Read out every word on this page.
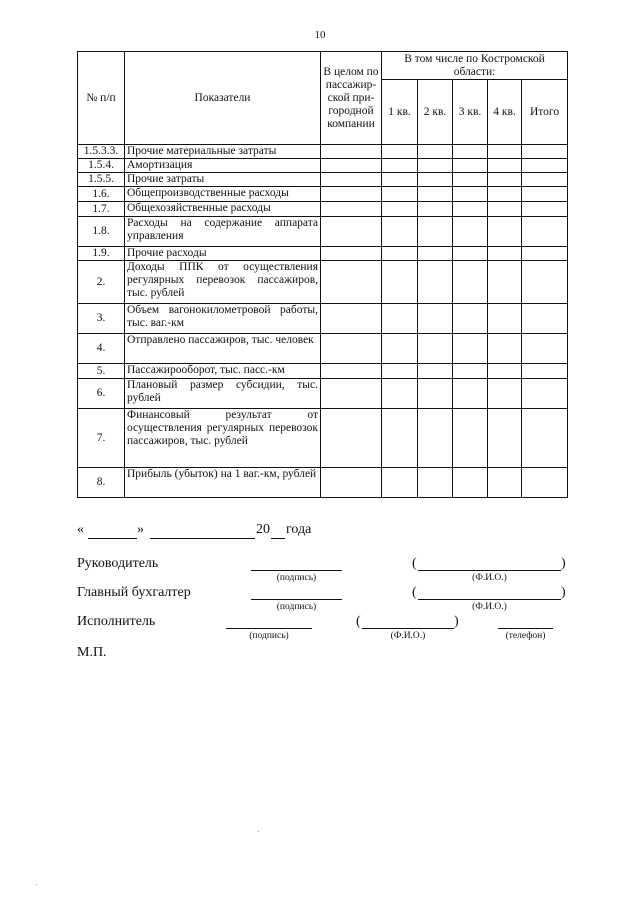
10
№ п/п	Показатели	В целом по пассажир-ской при-городной компании	В том числе по Костромской области:				
			1 кв.	2 кв.	3 кв.	4 кв.	Итого
1.5.3.3.	Прочие материальные затраты						
1.5.4.	Амортизация						
1.5.5.	Прочие затраты						
1.6.	Общепроизводственные расходы						
1.7.	Общехозяйственные расходы						
1.8.	Расходы на содержание аппарата управления						
1.9.	Прочие расходы						
2.	Доходы ППК от осуществления регулярных перевозок пассажиров, тыс. рублей						
3.	Объем вагонокилометровой работы, тыс. ваг.-км						
4.	Отправлено пассажиров, тыс. человек						
5.	Пассажирооборот, тыс. пасс.-км						
6.	Плановый размер субсидии, тыс. рублей						
7.	Финансовый результат от осуществления регулярных перевозок пассажиров, тыс. рублей						
8.	Прибыль (убыток) на 1 ваг.-км, рублей						
«	»	20 года
Руководитель
(подпись)
(	)
(Ф.И.О.)
Главный бухгалтер
(подпись)
(	)
(Ф.И.О.)
Исполнитель
(подпись)
(	)
(Ф.И.О.)	(телефон)
М.П.
